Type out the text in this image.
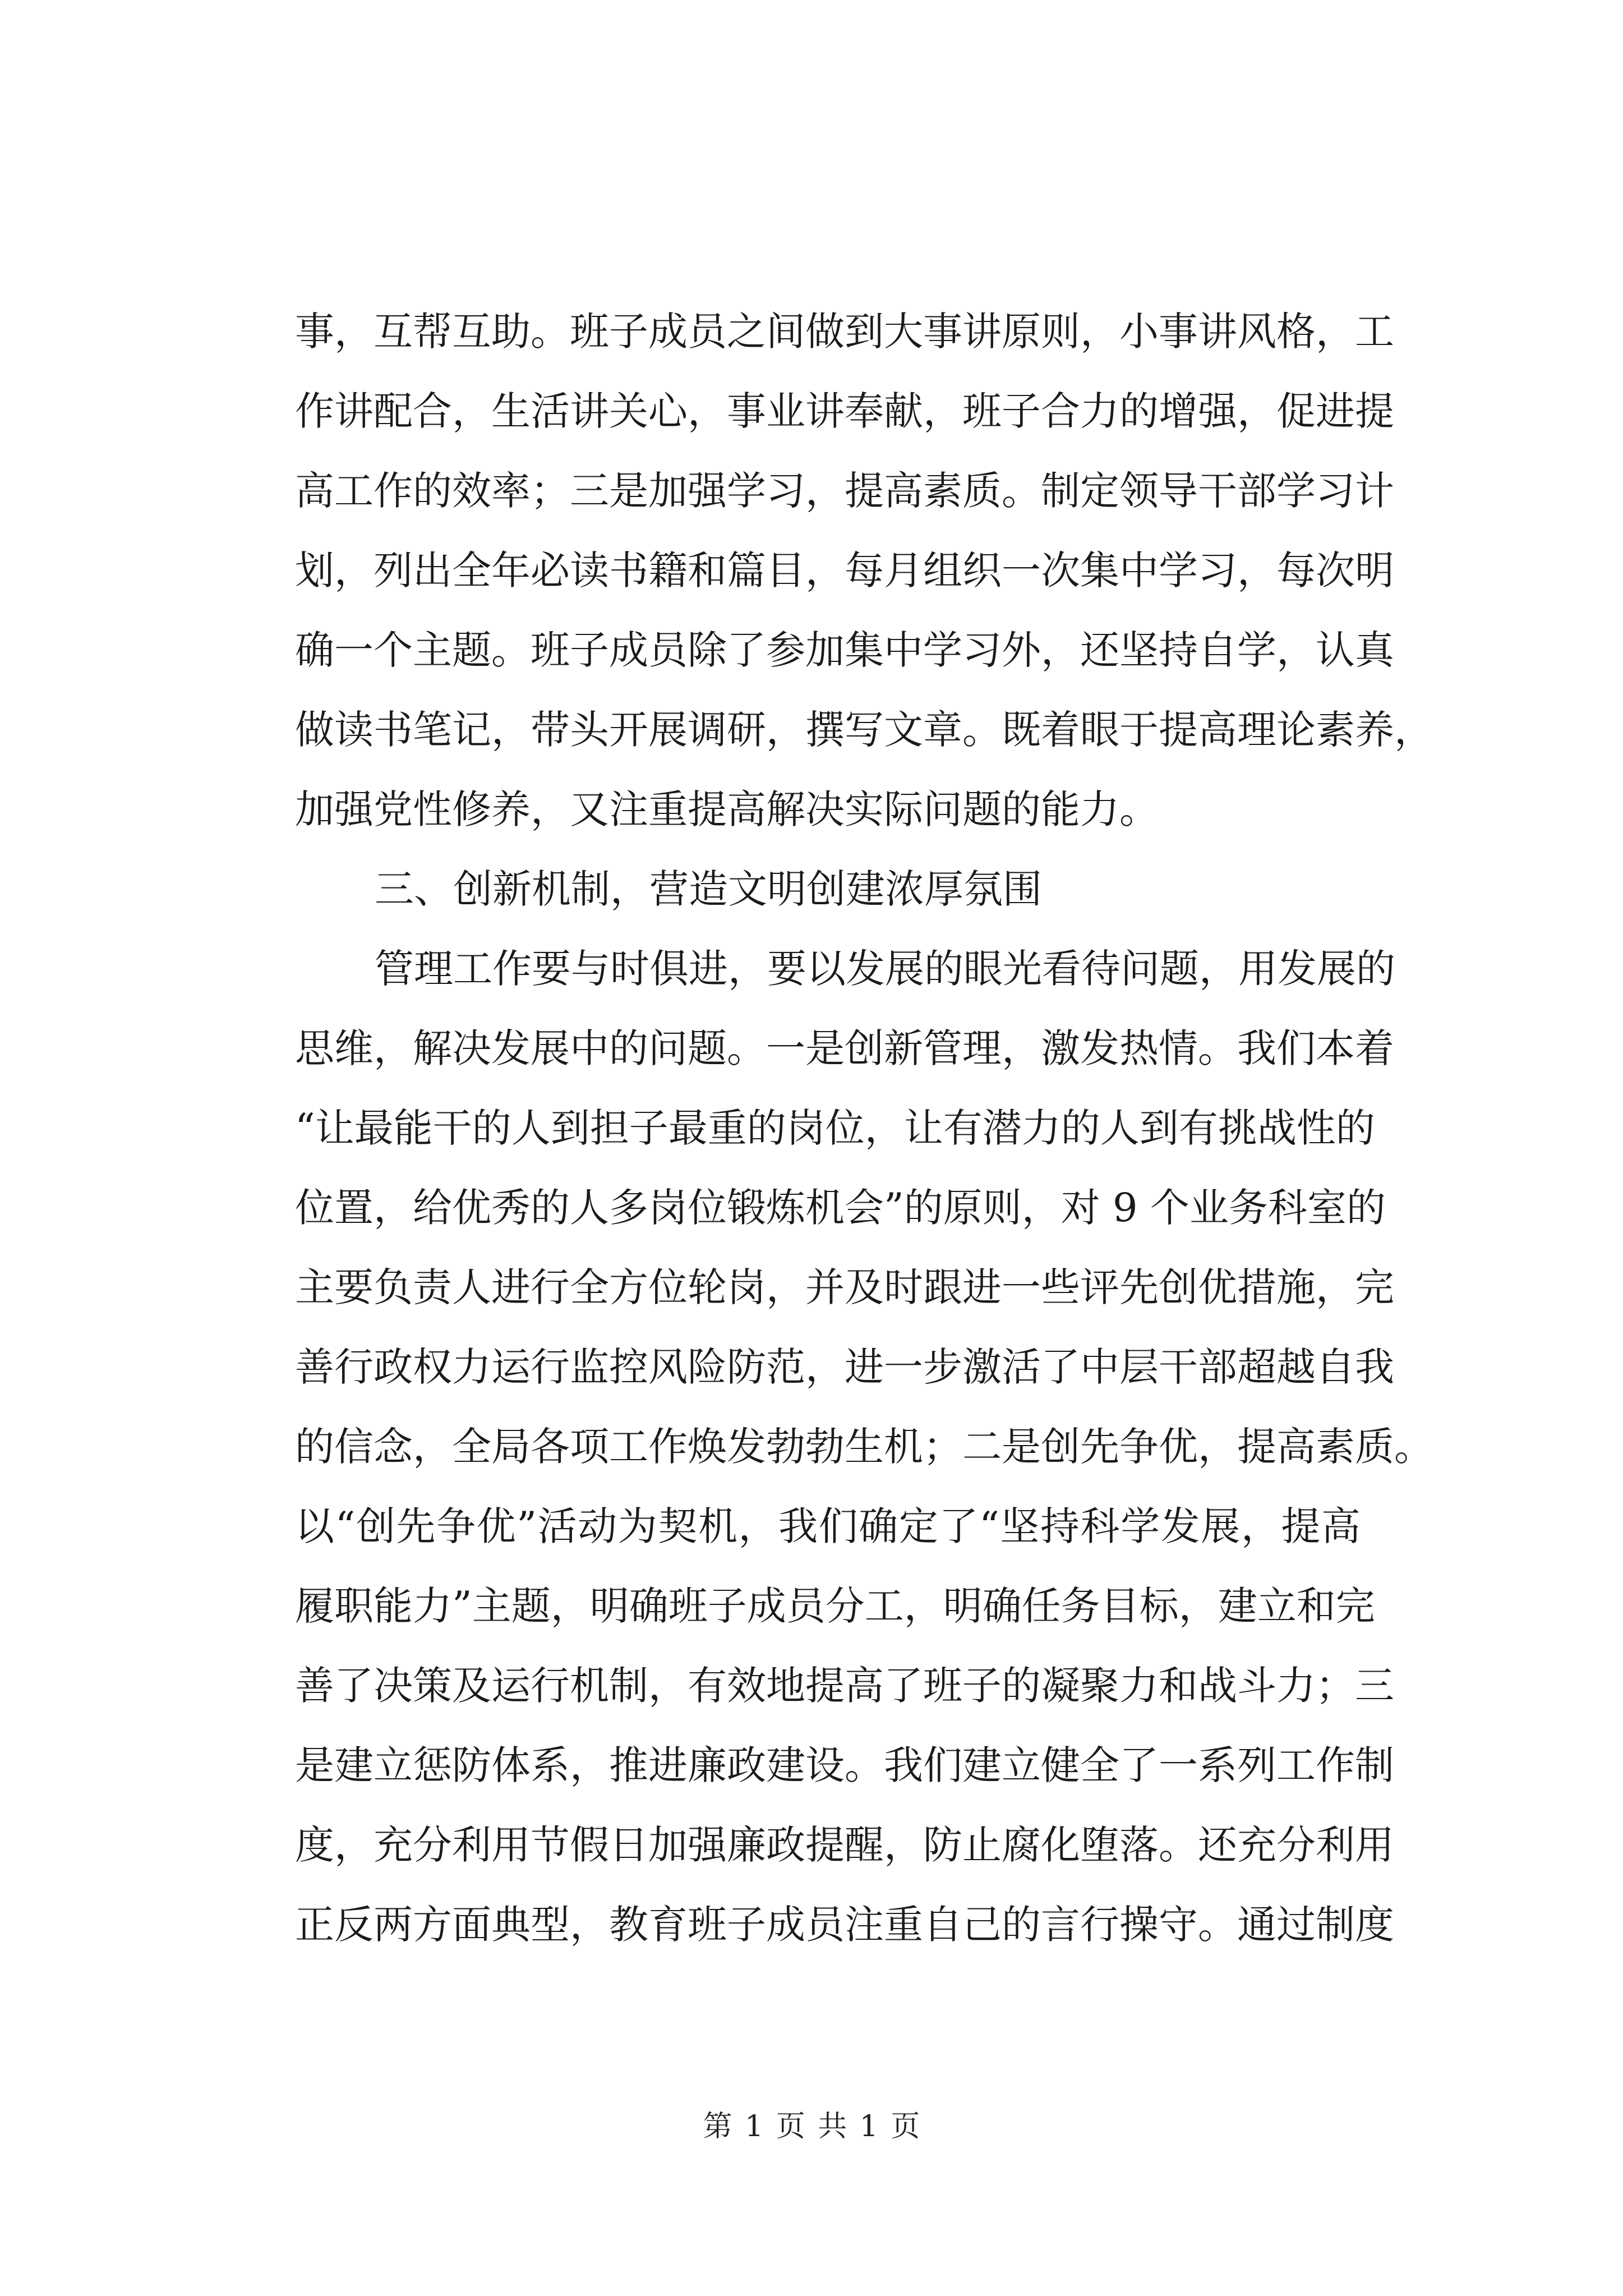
事，互帮互助。班子成员之间做到大事讲原则，小事讲风格，工
作讲配合，生活讲关心，事业讲奉献，班子合力的增强，促进提
高工作的效率；三是加强学习，提高素质。制定领导干部学习计
划，列出全年必读书籍和篇目，每月组织一次集中学习，每次明
确一个主题。班子成员除了参加集中学习外，还坚持自学，认真
做读书笔记，带头开展调研，撰写文章。既着眼于提高理论素养，
加强党性修养，又注重提高解决实际问题的能力。
三、创新机制，营造文明创建浓厚氛围
管理工作要与时俱进，要以发展的眼光看待问题，用发展的
思维，解决发展中的问题。一是创新管理，激发热情。我们本着
“让最能干的人到担子最重的岗位，让有潜力的人到有挑战性的
位置，给优秀的人多岗位锻炼机会”的原则，对 9 个业务科室的
主要负责人进行全方位轮岗，并及时跟进一些评先创优措施，完
善行政权力运行监控风险防范，进一步激活了中层干部超越自我
的信念，全局各项工作焕发勃勃生机；二是创先争优，提高素质。
以“创先争优”活动为契机，我们确定了“坚持科学发展，提高
履职能力”主题，明确班子成员分工，明确任务目标，建立和完
善了决策及运行机制，有效地提高了班子的凝聚力和战斗力；三
是建立惩防体系，推进廉政建设。我们建立健全了一系列工作制
度，充分利用节假日加强廉政提醒，防止腐化堕落。还充分利用
正反两方面典型，教育班子成员注重自己的言行操守。通过制度
第 1 页 共 1 页
